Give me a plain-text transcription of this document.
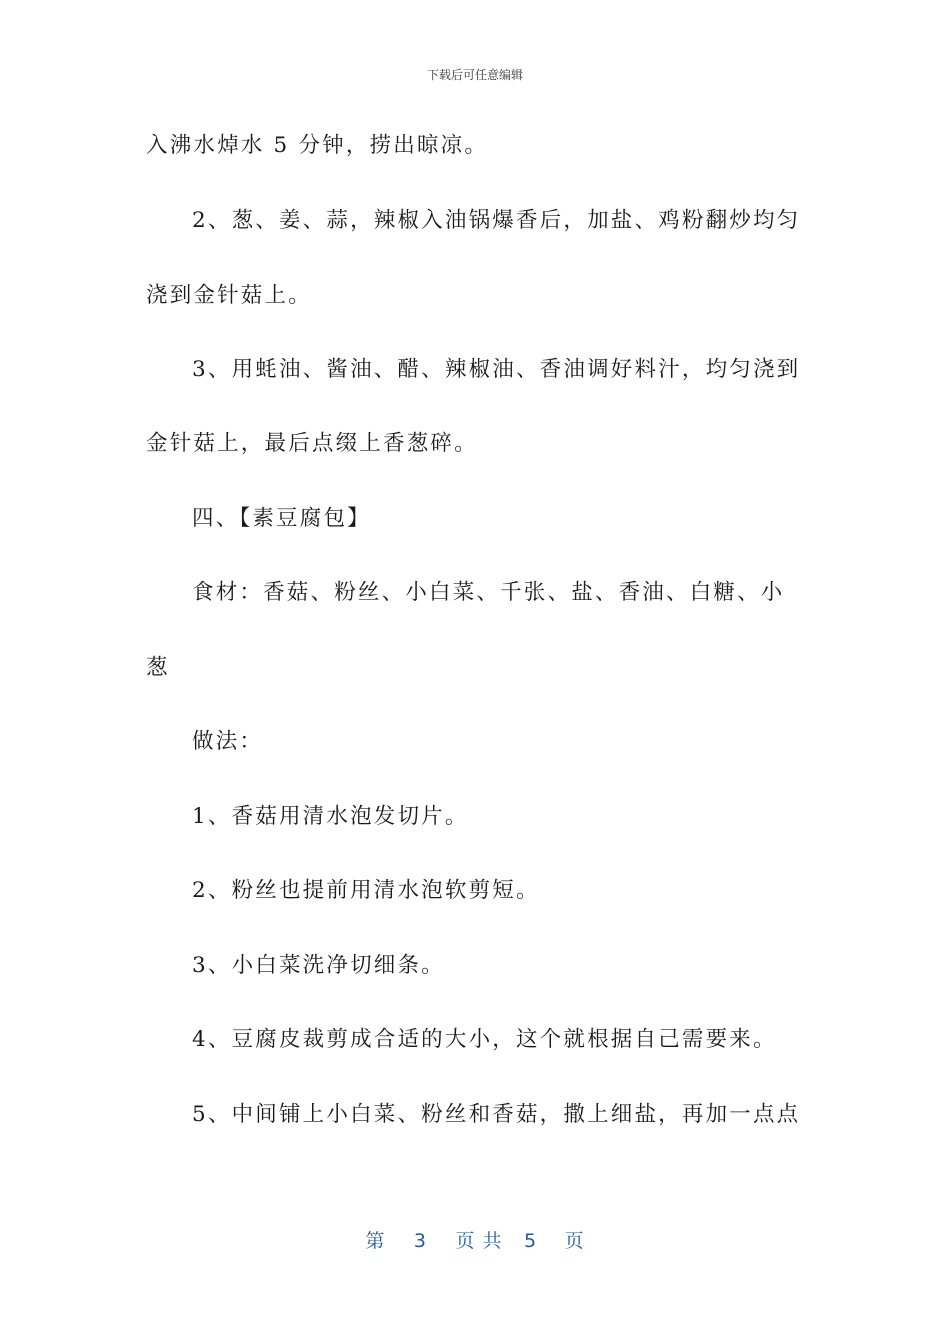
下载后可任意编辑
入沸水焯水 5 分钟，捞出晾凉。
2、葱、姜、蒜，辣椒入油锅爆香后，加盐、鸡粉翻炒均匀
浇到金针菇上。
3、用蚝油、酱油、醋、辣椒油、香油调好料汁，均匀浇到
金针菇上，最后点缀上香葱碎。
四、【素豆腐包】
食材：香菇、粉丝、小白菜、千张、盐、香油、白糖、小
葱
做法：
1、香菇用清水泡发切片。
2、粉丝也提前用清水泡软剪短。
3、小白菜洗净切细条。
4、豆腐皮裁剪成合适的大小，这个就根据自己需要来。
5、中间铺上小白菜、粉丝和香菇，撒上细盐，再加一点点
第 3 页 共 5 页
